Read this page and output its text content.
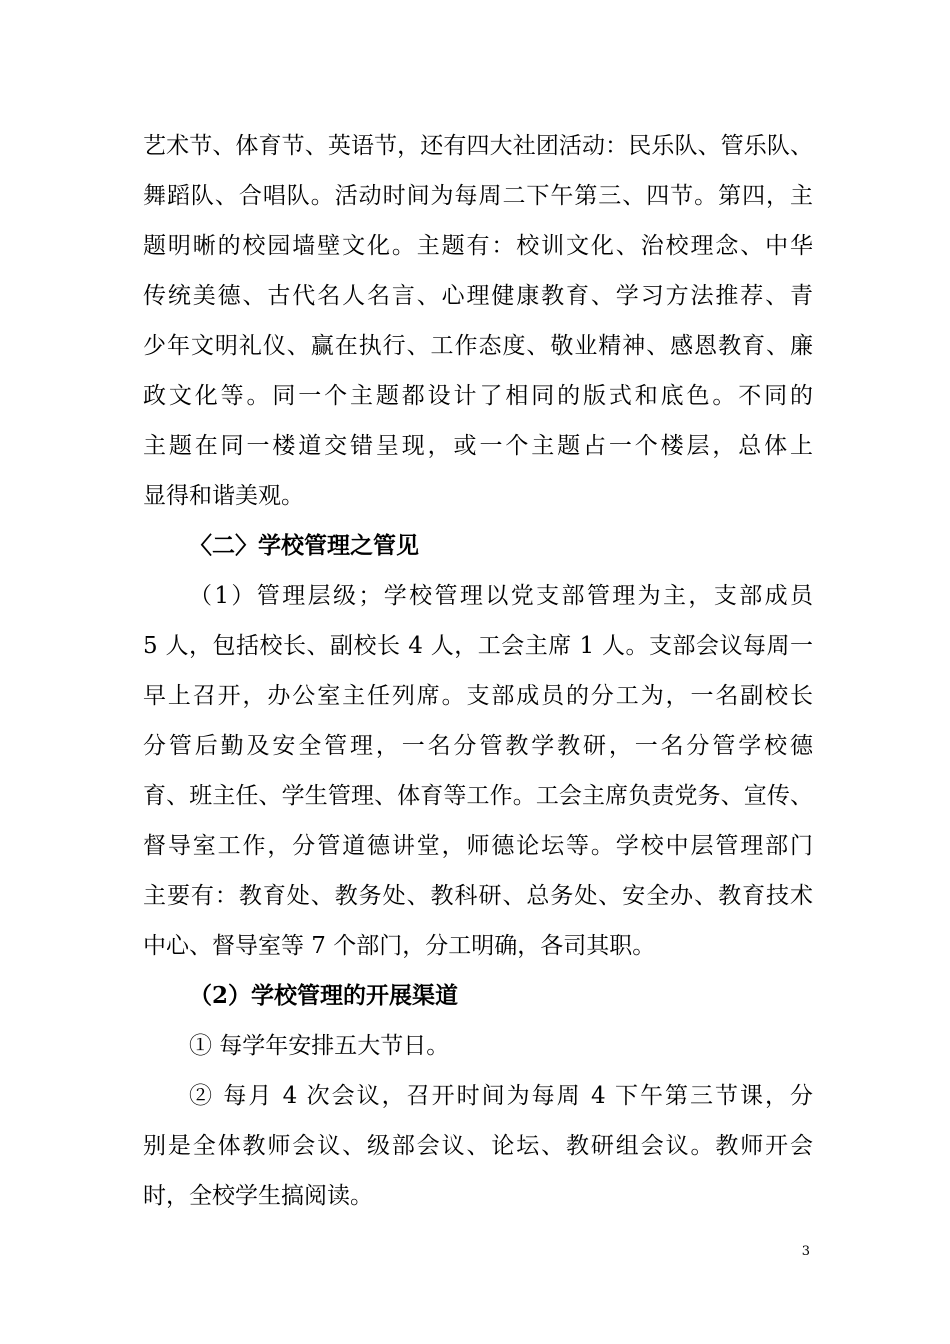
艺术节、体育节、英语节，还有四大社团活动：民乐队、管乐队、
舞蹈队、合唱队。活动时间为每周二下午第三、四节。第四，主
题明晰的校园墙壁文化。主题有：校训文化、治校理念、中华
传统美德、古代名人名言、心理健康教育、学习方法推荐、青
少年文明礼仪、赢在执行、工作态度、敬业精神、感恩教育、廉
政文化等。同一个主题都设计了相同的版式和底色。不同的
主题在同一楼道交错呈现，或一个主题占一个楼层，总体上
显得和谐美观。
〈二〉学校管理之管见
（1）管理层级；学校管理以党支部管理为主，支部成员
5 人，包括校长、副校长 4 人，工会主席 1 人。支部会议每周一
早上召开，办公室主任列席。支部成员的分工为，一名副校长
分管后勤及安全管理，一名分管教学教研，一名分管学校德
育、班主任、学生管理、体育等工作。工会主席负责党务、宣传、
督导室工作，分管道德讲堂，师德论坛等。学校中层管理部门
主要有：教育处、教务处、教科研、总务处、安全办、教育技术
中心、督导室等 7 个部门，分工明确，各司其职。
（2）学校管理的开展渠道
① 每学年安排五大节日。
② 每月 4 次会议，召开时间为每周 4 下午第三节课，分
别是全体教师会议、级部会议、论坛、教研组会议。教师开会
时，全校学生搞阅读。
3
